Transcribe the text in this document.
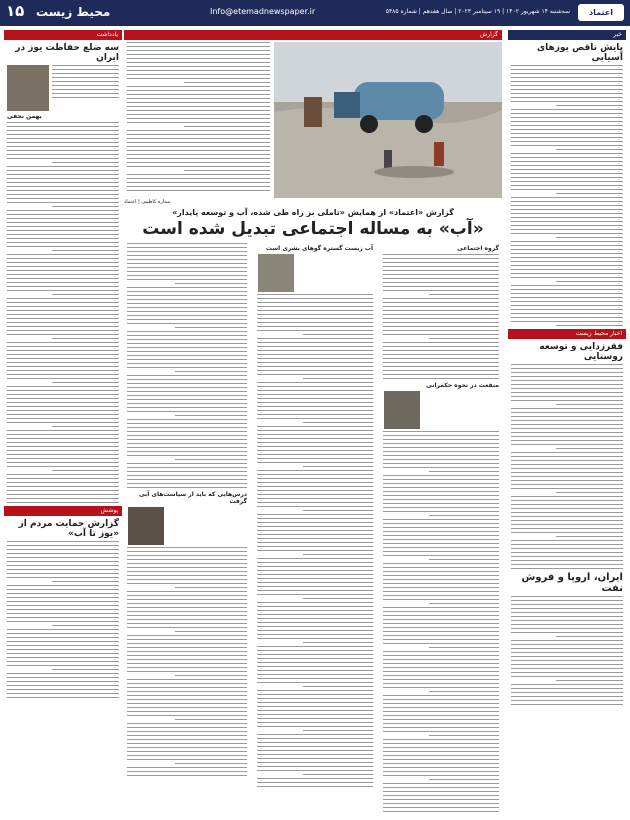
۱۵ محیط زیست	Info@etemadnewspaper.ir	سه‌شنبه ۱۴ شهریور ۱۴۰۲ | ۱۹ سپتامبر ۲۰۲۳ | سال هفدهم | شماره ۵۴۸۵	اعتماد
خبر
پایش ناقص یوزهای آسیایی
اخبار محیط زیست
فقرزدایی و توسعه روستایی
ایران، اروپا و فروش نفت
گزارش
ستاره کاظمی | اعتماد
گزارش «اعتماد» از همایش «تاملی بر راه طی شده، آب و توسعه پایدار»
«آب» به مساله اجتماعی تبدیل شده است
گروه اجتماعی
منفعت در نحوه حکمرانی
آب زیست گستره گوهای بشری است
درس‌هایی که باید از سیاست‌های آبی گرفت
یادداشت
سه ضلع حفاظت یوز در ایران
بهمن نجفی
پوشش
گزارش حمایت مردم از «یوز تا آب»
